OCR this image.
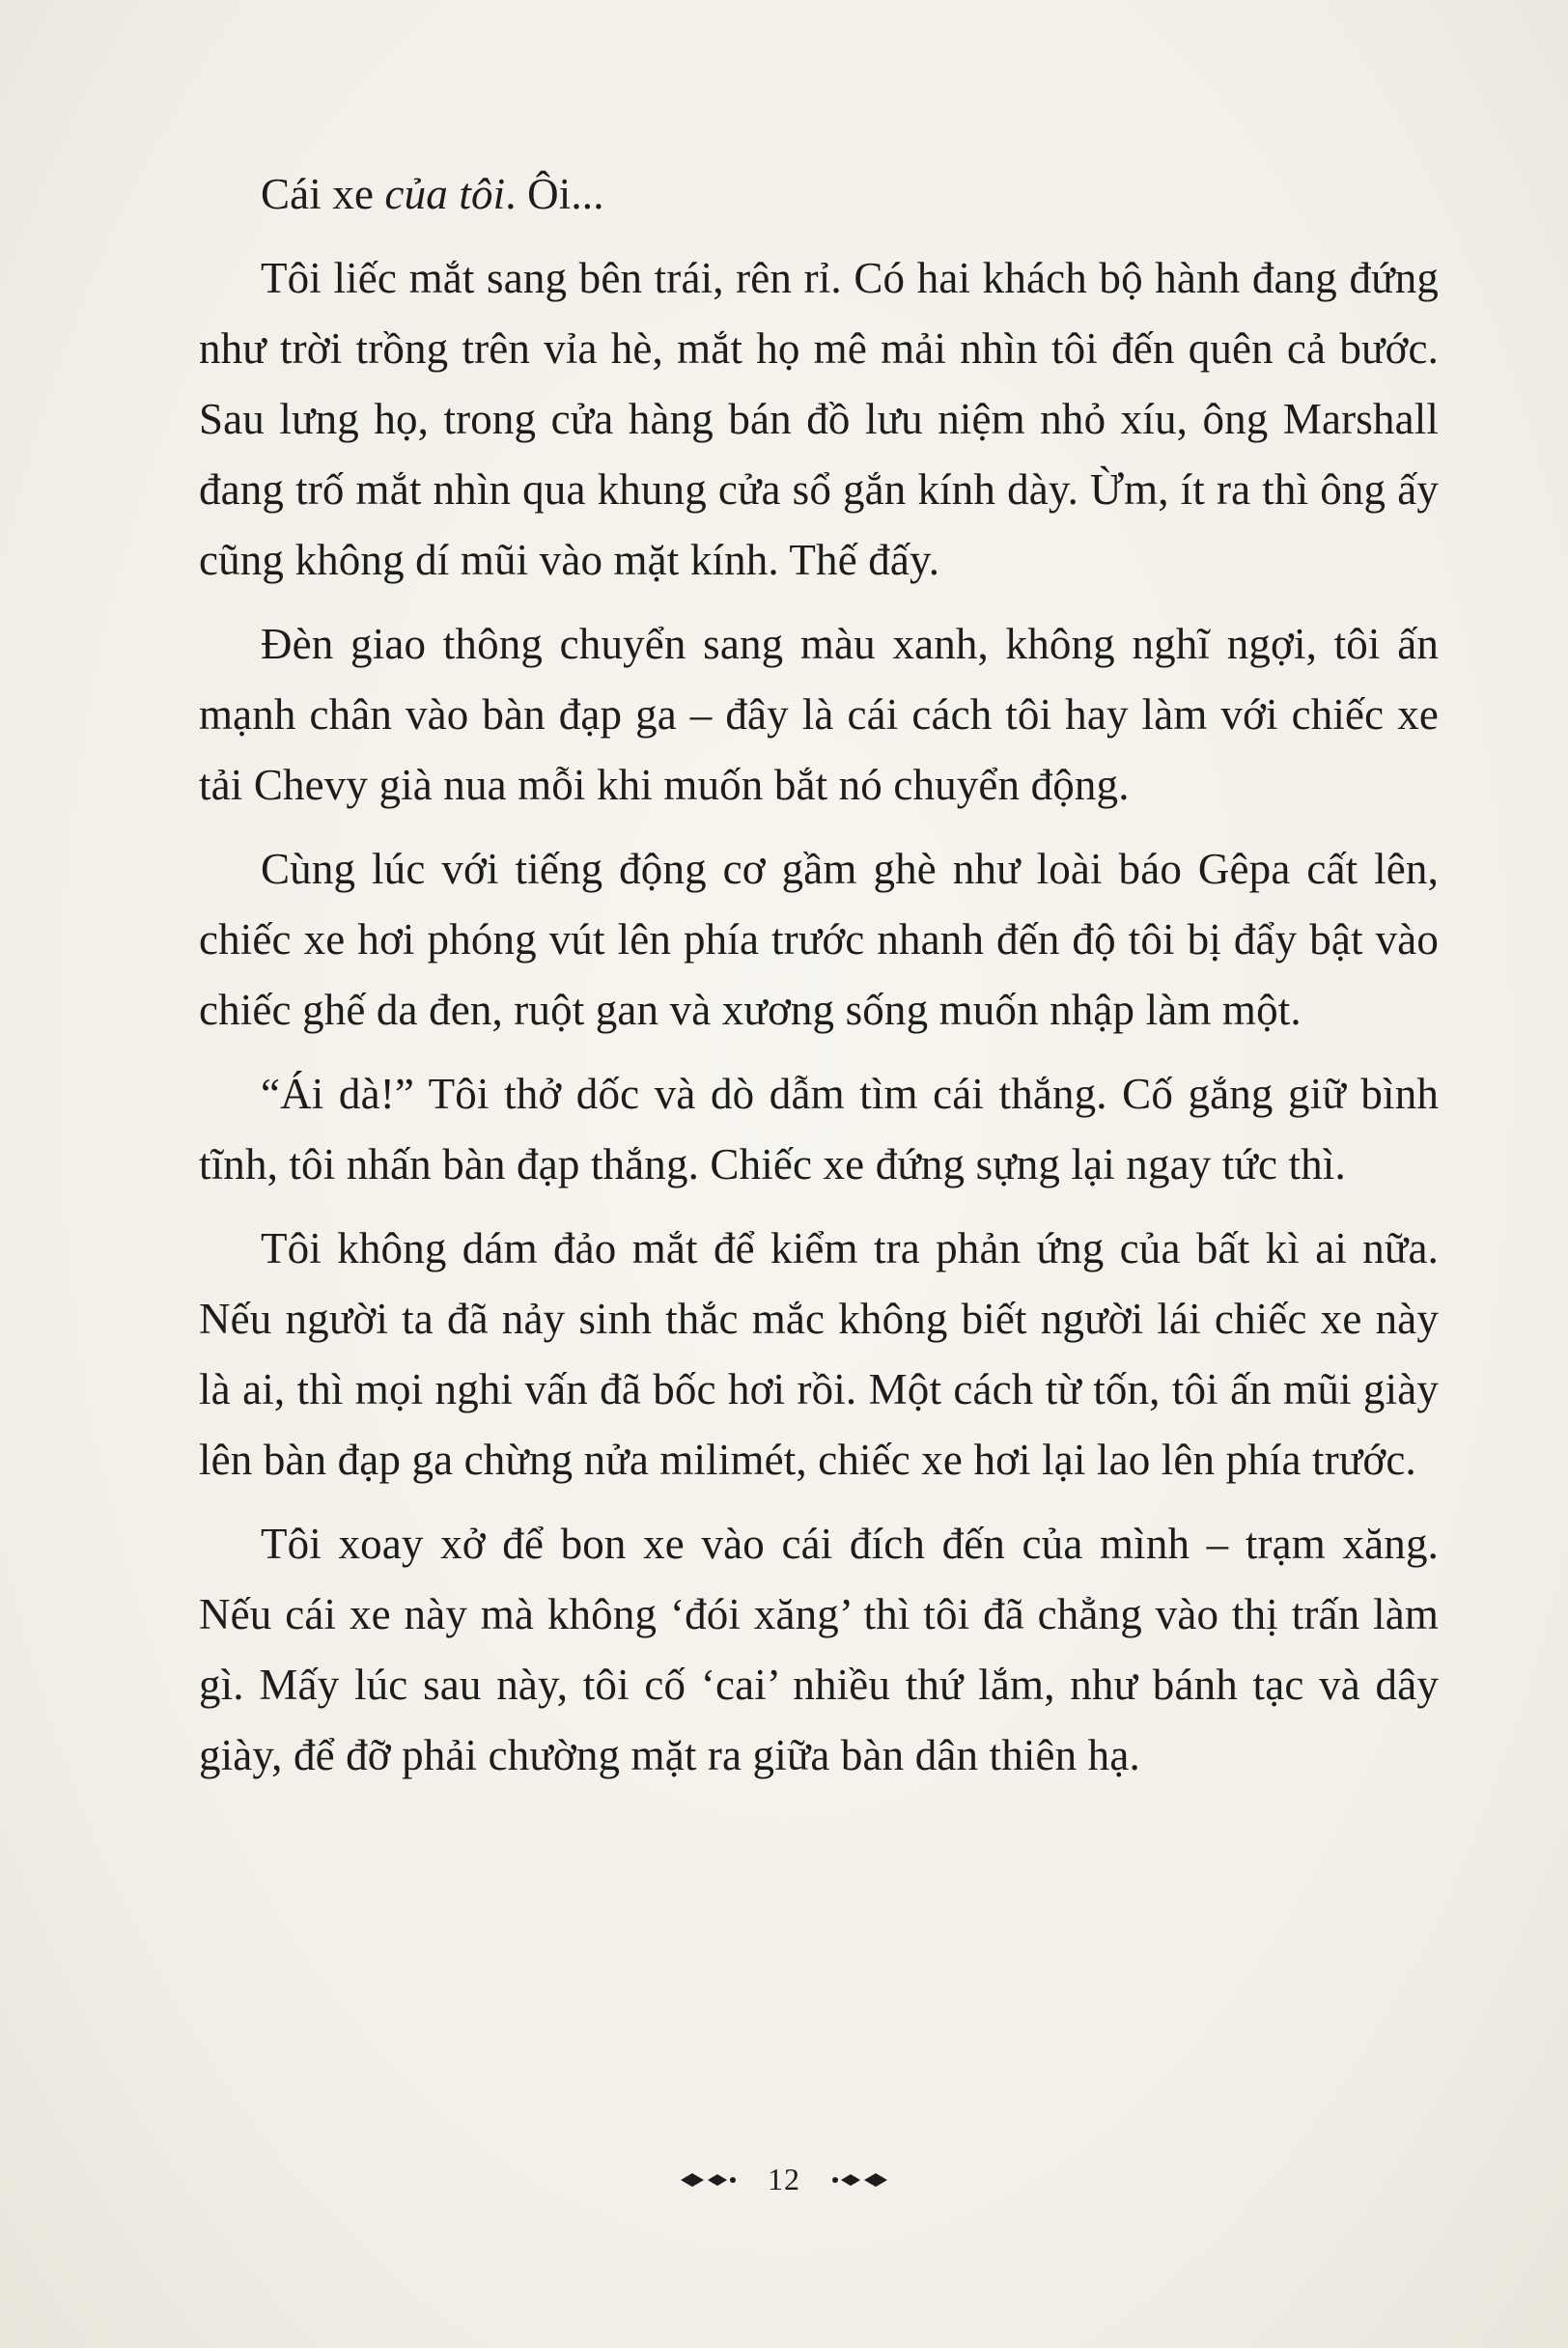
Cái xe của tôi. Ôi...

Tôi liếc mắt sang bên trái, rên rỉ. Có hai khách bộ hành đang đứng như trời trồng trên vỉa hè, mắt họ mê mải nhìn tôi đến quên cả bước. Sau lưng họ, trong cửa hàng bán đồ lưu niệm nhỏ xíu, ông Marshall đang trố mắt nhìn qua khung cửa sổ gắn kính dày. Ừm, ít ra thì ông ấy cũng không dí mũi vào mặt kính. Thế đấy.

Đèn giao thông chuyển sang màu xanh, không nghĩ ngợi, tôi ấn mạnh chân vào bàn đạp ga – đây là cái cách tôi hay làm với chiếc xe tải Chevy già nua mỗi khi muốn bắt nó chuyển động.

Cùng lúc với tiếng động cơ gầm ghè như loài báo Gêpa cất lên, chiếc xe hơi phóng vút lên phía trước nhanh đến độ tôi bị đẩy bật vào chiếc ghế da đen, ruột gan và xương sống muốn nhập làm một.

“Ái dà!” Tôi thở dốc và dò dẫm tìm cái thắng. Cố gắng giữ bình tĩnh, tôi nhấn bàn đạp thắng. Chiếc xe đứng sựng lại ngay tức thì.

Tôi không dám đảo mắt để kiểm tra phản ứng của bất kì ai nữa. Nếu người ta đã nảy sinh thắc mắc không biết người lái chiếc xe này là ai, thì mọi nghi vấn đã bốc hơi rồi. Một cách từ tốn, tôi ấn mũi giày lên bàn đạp ga chừng nửa milimét, chiếc xe hơi lại lao lên phía trước.

Tôi xoay xở để bon xe vào cái đích đến của mình – trạm xăng. Nếu cái xe này mà không ‘đói xăng’ thì tôi đã chẳng vào thị trấn làm gì. Mấy lúc sau này, tôi cố ‘cai’ nhiều thứ lắm, như bánh tạc và dây giày, để đỡ phải chường mặt ra giữa bàn dân thiên hạ.

12
